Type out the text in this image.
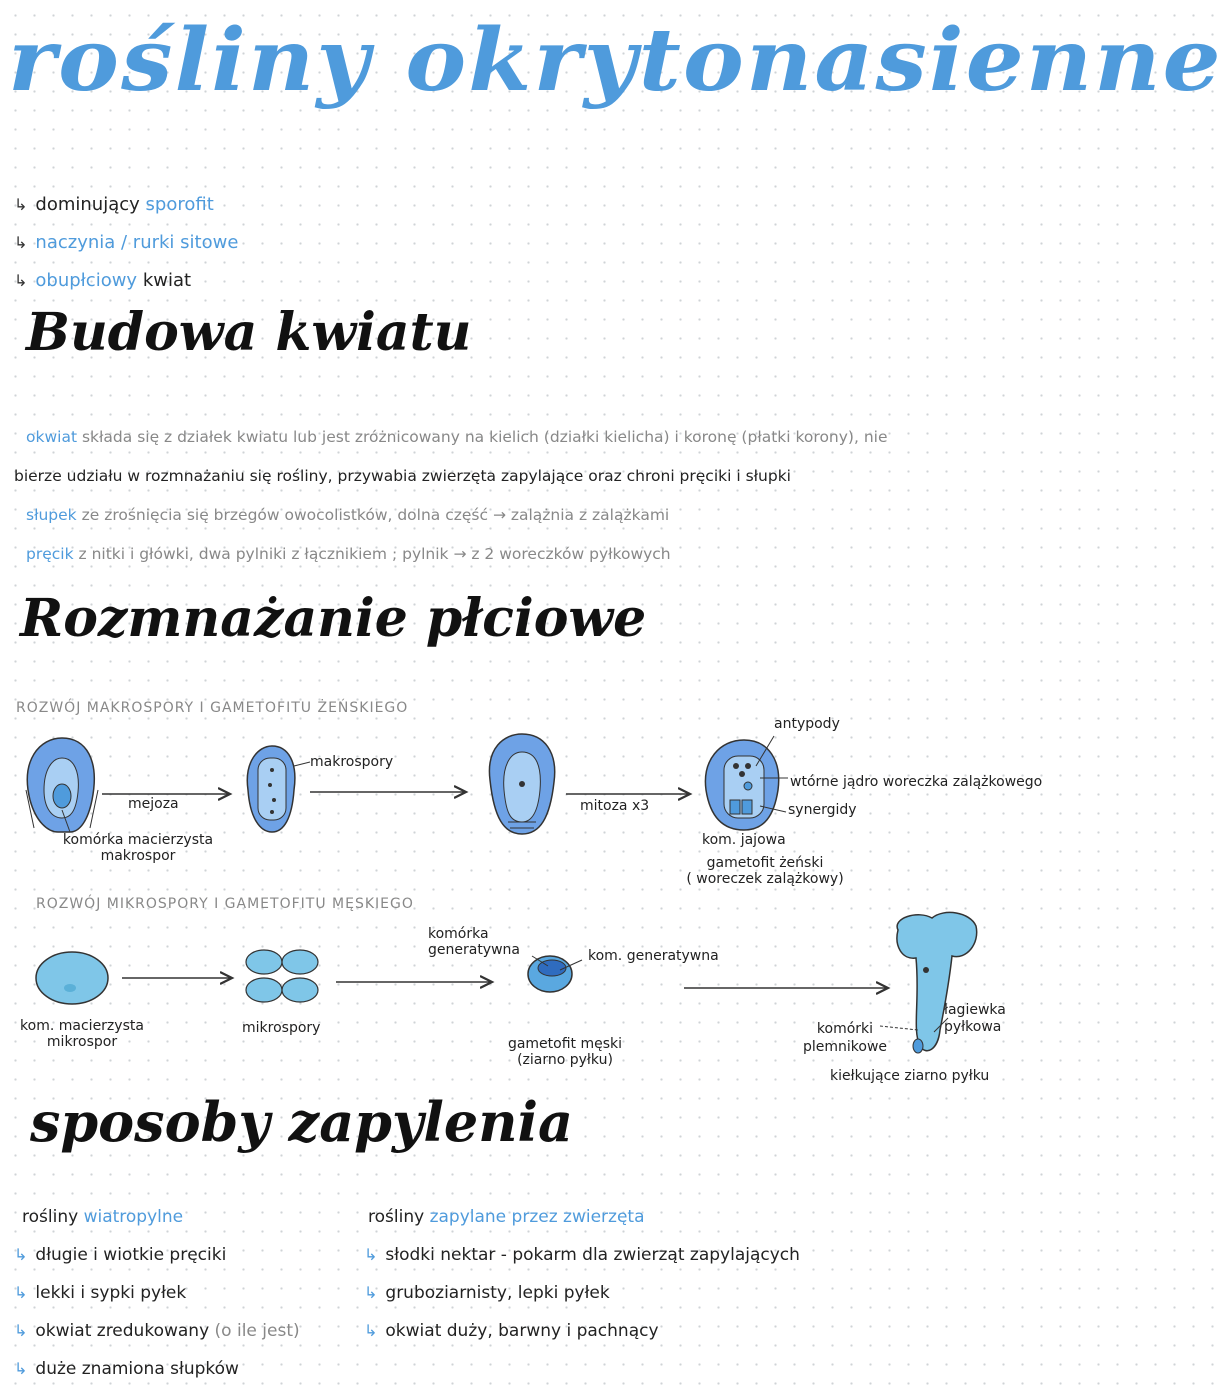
rośliny okrytonasienne
↳ dominujący sporofit
↳ naczynia / rurki sitowe
↳ obupłciowy kwiat
Budowa kwiatu
okwiat składa się z działek kwiatu lub jest zróżnicowany na kielich (działki kielicha) i koronę (płatki korony), nie
bierze udziału w rozmnażaniu się rośliny, przywabia zwierzęta zapylające oraz chroni pręciki i słupki
słupek ze zrośnięcia się brzegów owocolistków, dolna część → zalążnia z zalążkami
pręcik z nitki i główki, dwa pylniki z łącznikiem ; pylnik → z 2 woreczków pyłkowych
Rozmnażanie płciowe
ROZWÓJ MAKROSPORY I GAMETOFITU ŻEŃSKIEGO
mejoza
komórka macierzysta
makrospor
makrospory
mitoza x3
antypody
wtórne jądro woreczka zalążkowego
synergidy
kom. jajowa
gametofit żeński
( woreczek zalążkowy)
ROZWÓJ MIKROSPORY I GAMETOFITU MĘSKIEGO
kom. macierzysta
mikrospor
mikrospory
komórka
generatywna	kom. generatywna
gametofit męski
(ziarno pyłku)
komórki
plemnikowe
łagiewka
pyłkowa
kiełkujące ziarno pyłku
sposoby zapylenia
rośliny wiatropylne
↳ długie i wiotkie pręciki
↳ lekki i sypki pyłek
↳ okwiat zredukowany (o ile jest)
↳ duże znamiona słupków
rośliny zapylane przez zwierzęta
↳ słodki nektar - pokarm dla zwierząt zapylających
↳ gruboziarnisty, lepki pyłek
↳ okwiat duży, barwny i pachnący
